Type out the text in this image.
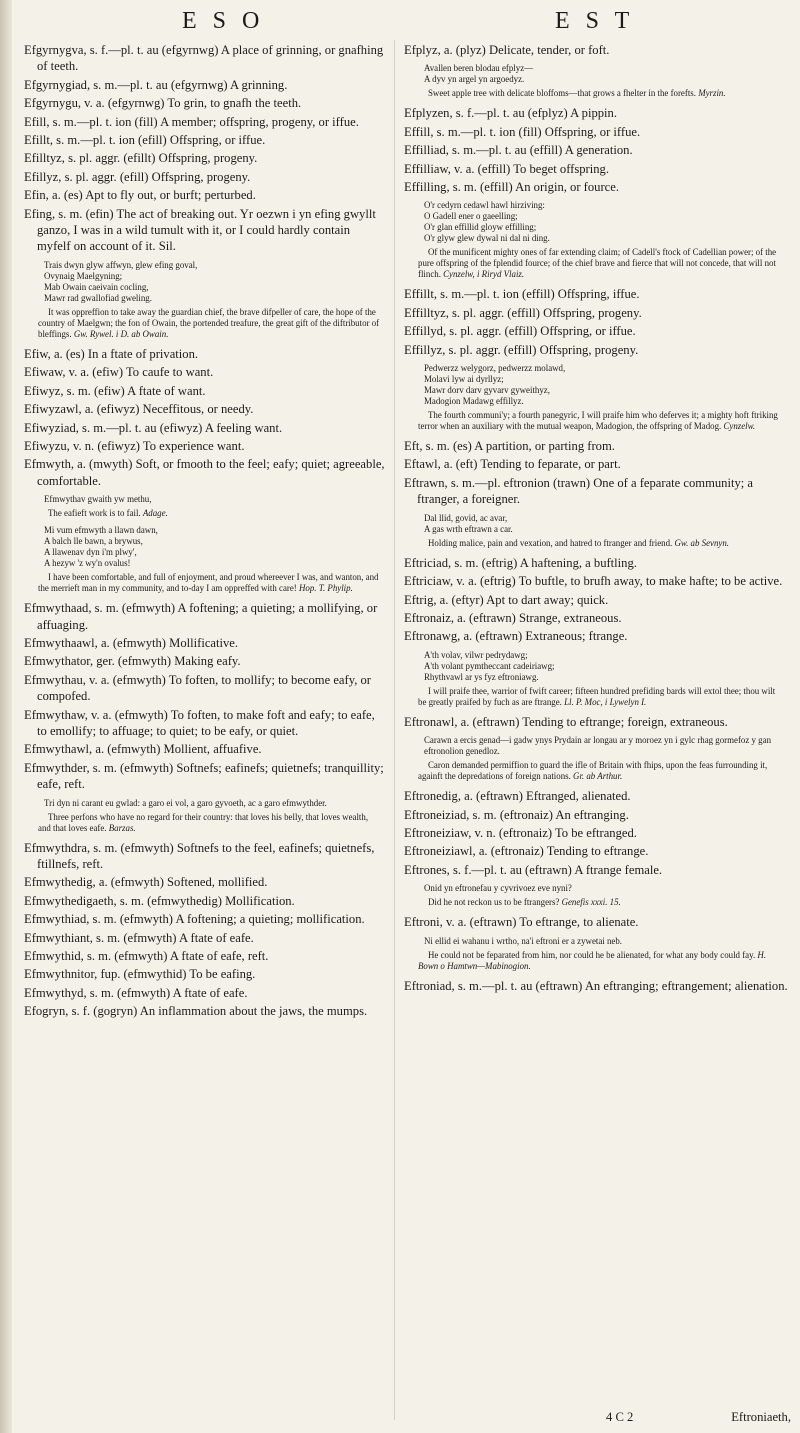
E S O	E S T

Efgyrnygva, s. f.—pl. t. au (efgyrnwg) A place of grinning, or gnafhing of teeth.

Efgyrnygiad, s. m.—pl. t. au (efgyrnwg) A grinning.

Efgyrnygu, v. a. (efgyrnwg) To grin, to gnafh the teeth.

Efill, s. m.—pl. t. ion (fill) A member; offspring, progeny, or iffue.

Efillt, s. m.—pl. t. ion (efill) Offspring, or iffue.

Efilltyz, s. pl. aggr. (efillt) Offspring, progeny.

Efillyz, s. pl. aggr. (efill) Offspring, progeny.

Efin, a. (es) Apt to fly out, or burft; perturbed.

Efing, s. m. (efin) The act of breaking out. Yr oezwn i yn efing gwyllt ganzo, I was in a wild tumult with it, or I could hardly contain myfelf on account of it. Sil.

Trais dwyn glyw affwyn, glew efing goval,
Ovynaig Maelgyning;
Mab Owain caeivain cocling,
Mawr rad gwallofiad gweling.
It was oppreffion to take away the guardian chief, the brave difpeller of care, the hope of the country of Maelgwn; the fon of Owain, the portended treafure, the great gift of the diftributor of bleffings. Gw. Rywel. i D. ab Owain.

Efiw, a. (es) In a ftate of privation.

Efiwaw, v. a. (efiw) To caufe to want.

Efiwyz, s. m. (efiw) A ftate of want.

Efiwyzawl, a. (efiwyz) Neceffitous, or needy.

Efiwyziad, s. m.—pl. t. au (efiwyz) A feeling want.

Efiwyzu, v. n. (efiwyz) To experience want.

Efmwyth, a. (mwyth) Soft, or fmooth to the feel; eafy; quiet; agreeable, comfortable.

Efmwythav gwaith yw methu,
The eafieft work is to fail. Adage.
Mi vum efmwyth a llawn dawn,
A balch lle bawn, a brywus,
A llawenav dyn i'm plwy',
A hezyw 'z wy'n ovalus!
I have been comfortable, and full of enjoyment, and proud whereever I was, and wanton, and the merrieft man in my community, and to-day I am oppreffed with care! Hop. T. Phylip.

Efmwythaad, s. m. (efmwyth) A foftening; a quieting; a mollifying, or affuaging.

Efmwythaawl, a. (efmwyth) Mollificative.

Efmwythator, ger. (efmwyth) Making eafy.

Efmwythau, v. a. (efmwyth) To foften, to mollify; to become eafy, or compofed.

Efmwythaw, v. a. (efmwyth) To foften, to make foft and eafy; to eafe, to emollify; to affuage; to quiet; to be eafy, or quiet.

Efmwythawl, a. (efmwyth) Mollient, affuafive.

Efmwythder, s. m. (efmwyth) Softnefs; eafinefs; quietnefs; tranquillity; eafe, reft.

Tri dyn ni carant eu gwlad: a garo ei vol, a garo gyvoeth, ac a garo efmwythder.
Three perfons who have no regard for their country: that loves his belly, that loves wealth, and that loves eafe. Barzas.

Efmwythdra, s. m. (efmwyth) Softnefs to the feel, eafinefs; quietnefs, ftillnefs, reft.

Efmwythedig, a. (efmwyth) Softened, mollified.

Efmwythedigaeth, s. m. (efmwythedig) Mollification.

Efmwythiad, s. m. (efmwyth) A foftening; a quieting; mollification.

Efmwythiant, s. m. (efmwyth) A ftate of eafe.

Efmwythid, s. m. (efmwyth) A ftate of eafe, reft.

Efmwythnitor, fup. (efmwythid) To be eafing.

Efmwythyd, s. m. (efmwyth) A ftate of eafe.

Efogryn, s. f. (gogryn) An inflammation about the jaws, the mumps.

Efplyz, a. (plyz) Delicate, tender, or foft.

Avallen beren blodau efplyz—
A dyv yn argel yn argoedyz.
Sweet apple tree with delicate bloffoms—that grows a fhelter in the forefts. Myrzin.

Efplyzen, s. f.—pl. t. au (efplyz) A pippin.

Effill, s. m.—pl. t. ion (fill) Offspring, or iffue.

Effilliad, s. m.—pl. t. au (effill) A generation.

Effilliaw, v. a. (effill) To beget offspring.

Effilling, s. m. (effill) An origin, or fource.

O'r cedyrn cedawl hawl hirziving:
O Gadell ener o gaeelling;
O'r glan effillid gloyw effilling;
O'r glyw glew dywal ni dal ni ding.
Of the munificent mighty ones of far extending claim; of Cadell's ftock of Cadellian power; of the pure offspring of the fplendid fource; of the chief brave and fierce that will not concede, that will not flinch. Cynzelw, i Riryd Vlaiz.

Effillt, s. m.—pl. t. ion (effill) Offspring, iffue.

Effilltyz, s. pl. aggr. (effill) Offspring, progeny.

Effillyd, s. pl. aggr. (effill) Offspring, or iffue.

Effillyz, s. pl. aggr. (effill) Offspring, progeny.

Pedwerzz welygorz, pedwerzz molawd,
Molavi lyw ai dyrllyz;
Mawr dorv darv gyvarv gyweithyz,
Madogion Madawg effillyz.
The fourth communi'y; a fourth panegyric, I will praife him who deferves it; a mighty hoft ftriking terror when an auxiliary with the mutual weapon, Madogion, the offspring of Madog. Cynzelw.

Eft, s. m. (es) A partition, or parting from.

Eftawl, a. (eft) Tending to feparate, or part.

Eftrawn, s. m.—pl. eftronion (trawn) One of a feparate community; a ftranger, a foreigner.

Dal llid, govid, ac avar,
A gas wrth eftrawn a car.
Holding malice, pain and vexation, and hatred to ftranger and friend. Gw. ab Sevnyn.

Eftriciad, s. m. (eftrig) A haftening, a buftling.

Eftriciaw, v. a. (eftrig) To buftle, to brufh away, to make hafte; to be active.

Eftrig, a. (eftyr) Apt to dart away; quick.

Eftronaiz, a. (eftrawn) Strange, extraneous.

Eftronawg, a. (eftrawn) Extraneous; ftrange.

A'th volav, vilwr pedrydawg;
A'th volant pymtheccant cadeiriawg;
Rhythvawl ar ys fyz eftroniawg.
I will praife thee, warrior of fwift career; fifteen hundred prefiding bards will extol thee; thou wilt be greatly praifed by fuch as are ftrange. Ll. P. Moc, i Lywelyn I.

Eftronawl, a. (eftrawn) Tending to eftrange; foreign, extraneous.

Carawn a ercis genad—i gadw ynys Prydain ar longau ar y moroez yn i gylc rhag gormefoz y gan eftronolion genedloz.
Caron demanded permiffion to guard the ifle of Britain with fhips, upon the feas furrounding it, againft the depredations of foreign nations. Gr. ab Arthur.

Eftronedig, a. (eftrawn) Eftranged, alienated.

Eftroneiziad, s. m. (eftronaiz) An eftranging.

Eftroneiziaw, v. n. (eftronaiz) To be eftranged.

Eftroneiziawl, a. (eftronaiz) Tending to eftrange.

Eftrones, s. f.—pl. t. au (eftrawn) A ftrange female.

Onid yn eftronefau y cyvrivoez eve nyni?
Did he not reckon us to be ftrangers? Genefis xxxi. 15.

Eftroni, v. a. (eftrawn) To eftrange, to alienate.

Ni ellid ei wahanu i wrtho, na'i eftroni er a zywetai neb.
He could not be feparated from him, nor could he be alienated, for what any body could fay. H. Bown o Hamtwn—Mabinogion.

Eftroniad, s. m.—pl. t. au (eftrawn) An eftranging; eftrangement; alienation.

4 C 2	Eftroniaeth,
